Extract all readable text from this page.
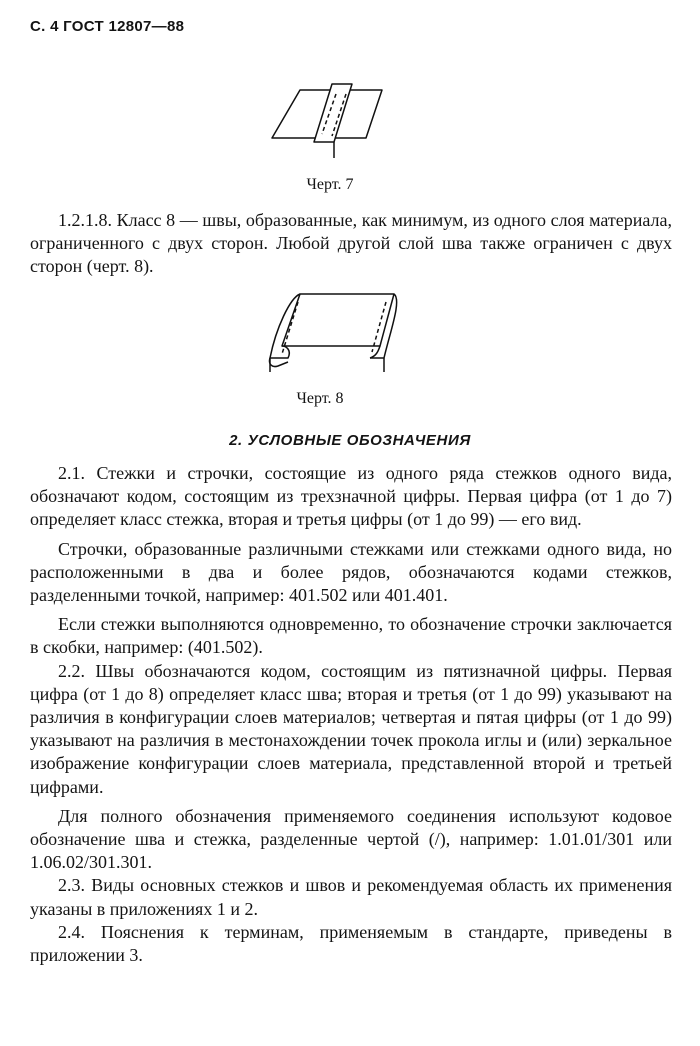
С. 4 ГОСТ 12807—88
Черт. 7

1.2.1.8. Класс 8 — швы, образованные, как минимум, из одного слоя материала, ограниченного с двух сторон. Любой другой слой шва также ограничен с двух сторон (черт. 8).

Черт. 8
2. УСЛОВНЫЕ ОБОЗНАЧЕНИЯ

2.1. Стежки и строчки, состоящие из одного ряда стежков одного вида, обозначают кодом, состоящим из трехзначной цифры. Первая цифра (от 1 до 7) определяет класс стежка, вторая и третья цифры (от 1 до 99) — его вид.

Строчки, образованные различными стежками или стежками одного вида, но расположенными в два и более рядов, обозначаются кодами стежков, разделенными точкой, например: 401.502 или 401.401.

Если стежки выполняются одновременно, то обозначение строчки заключается в скобки, например: (401.502).

2.2. Швы обозначаются кодом, состоящим из пятизначной цифры. Первая цифра (от 1 до 8) определяет класс шва; вторая и третья (от 1 до 99) указывают на различия в конфигурации слоев материалов; четвертая и пятая цифры (от 1 до 99) указывают на различия в местонахождении точек прокола иглы и (или) зеркальное изображение конфигурации слоев материала, представленной второй и третьей цифрами.

Для полного обозначения применяемого соединения используют кодовое обозначение шва и стежка, разделенные чертой (/), например: 1.01.01/301 или 1.06.02/301.301.

2.3. Виды основных стежков и швов и рекомендуемая область их применения указаны в приложениях 1 и 2.

2.4. Пояснения к терминам, применяемым в стандарте, приведены в приложении 3.
